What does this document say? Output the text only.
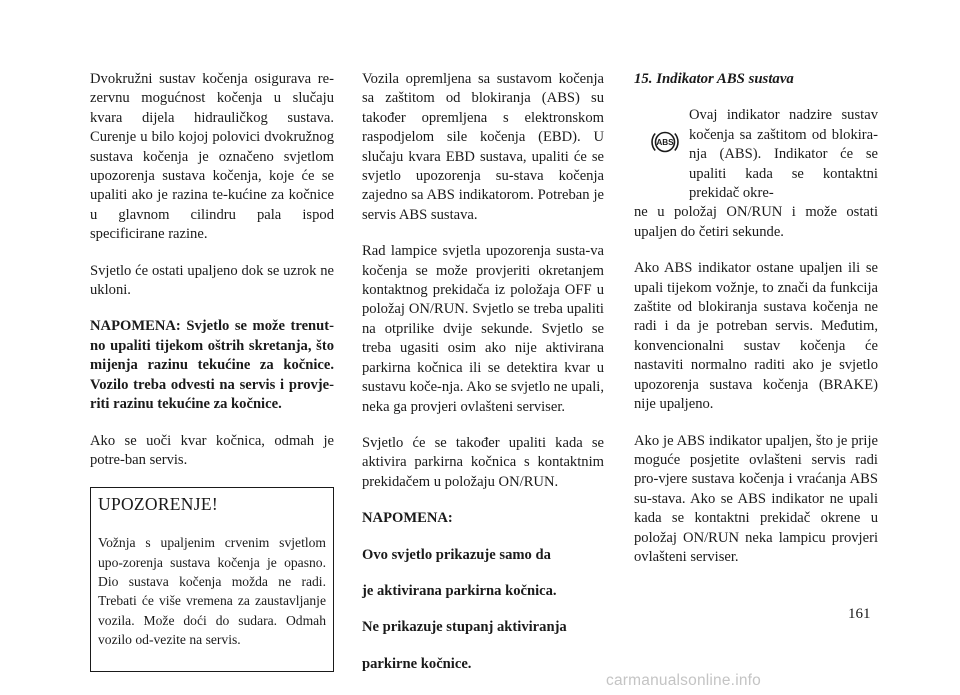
Dvokružni sustav kočenja osigurava re-zervnu mogućnost kočenja u slučaju kvara dijela hidrauličkog sustava. Curenje u bilo kojoj polovici dvokružnog sustava kočenja je označeno svjetlom upozorenja sustava kočenja, koje će se upaliti ako je razina te-kućine za kočnice u glavnom cilindru pala ispod specificirane razine.

Svjetlo će ostati upaljeno dok se uzrok ne ukloni.

NAPOMENA: Svjetlo se može trenut-no upaliti tijekom oštrih skretanja, što mijenja razinu tekućine za kočnice. Vozilo treba odvesti na servis i provje-riti razinu tekućine za kočnice.

Ako se uoči kvar kočnica, odmah je potre-ban servis.

UPOZORENJE!

Vožnja s upaljenim crvenim svjetlom upo-zorenja sustava kočenja je opasno. Dio sustava kočenja možda ne radi. Trebati će više vremena za zaustavljanje vozila. Može doći do sudara. Odmah vozilo od-vezite na servis.

Vozila opremljena sa sustavom kočenja sa zaštitom od blokiranja (ABS) su također opremljena s elektronskom raspodjelom sile kočenja (EBD). U slučaju kvara EBD sustava, upaliti će se svjetlo upozorenja su-stava kočenja zajedno sa ABS indikatorom. Potreban je servis ABS sustava.

Rad lampice svjetla upozorenja susta-va kočenja se može provjeriti okretanjem kontaktnog prekidača iz položaja OFF u položaj ON/RUN. Svjetlo se treba upaliti na otprilike dvije sekunde. Svjetlo se treba ugasiti osim ako nije aktivirana parkirna kočnica ili se detektira kvar u sustavu koče-nja. Ako se svjetlo ne upali, neka ga provjeri ovlašteni serviser.

Svjetlo će se također upaliti kada se aktivira parkirna kočnica s kontaktnim prekidačem u položaju ON/RUN.

NAPOMENA:

Ovo svjetlo prikazuje samo da

je aktivirana parkirna kočnica.

Ne prikazuje stupanj aktiviranja

parkirne kočnice.

15. Indikator ABS sustava

ABS

Ovaj indikator nadzire sustav kočenja sa zaštitom od blokira-nja (ABS). Indikator će se upaliti kada se kontaktni prekidač okre-

ne u položaj ON/RUN i može ostati upaljen do četiri sekunde.

Ako ABS indikator ostane upaljen ili se upali tijekom vožnje, to znači da funkcija zaštite od blokiranja sustava kočenja ne radi i da je potreban servis. Međutim, konvencionalni sustav kočenja će nastaviti normalno raditi ako je svjetlo upozorenja sustava kočenja (BRAKE) nije upaljeno.

Ako je ABS indikator upaljen, što je prije moguće posjetite ovlašteni servis radi pro-vjere sustava kočenja i vraćanja ABS su-stava. Ako se ABS indikator ne upali kada se kontaktni prekidač okrene u položaj ON/RUN neka lampicu provjeri ovlašteni serviser.

161
carmanualsonline.info
